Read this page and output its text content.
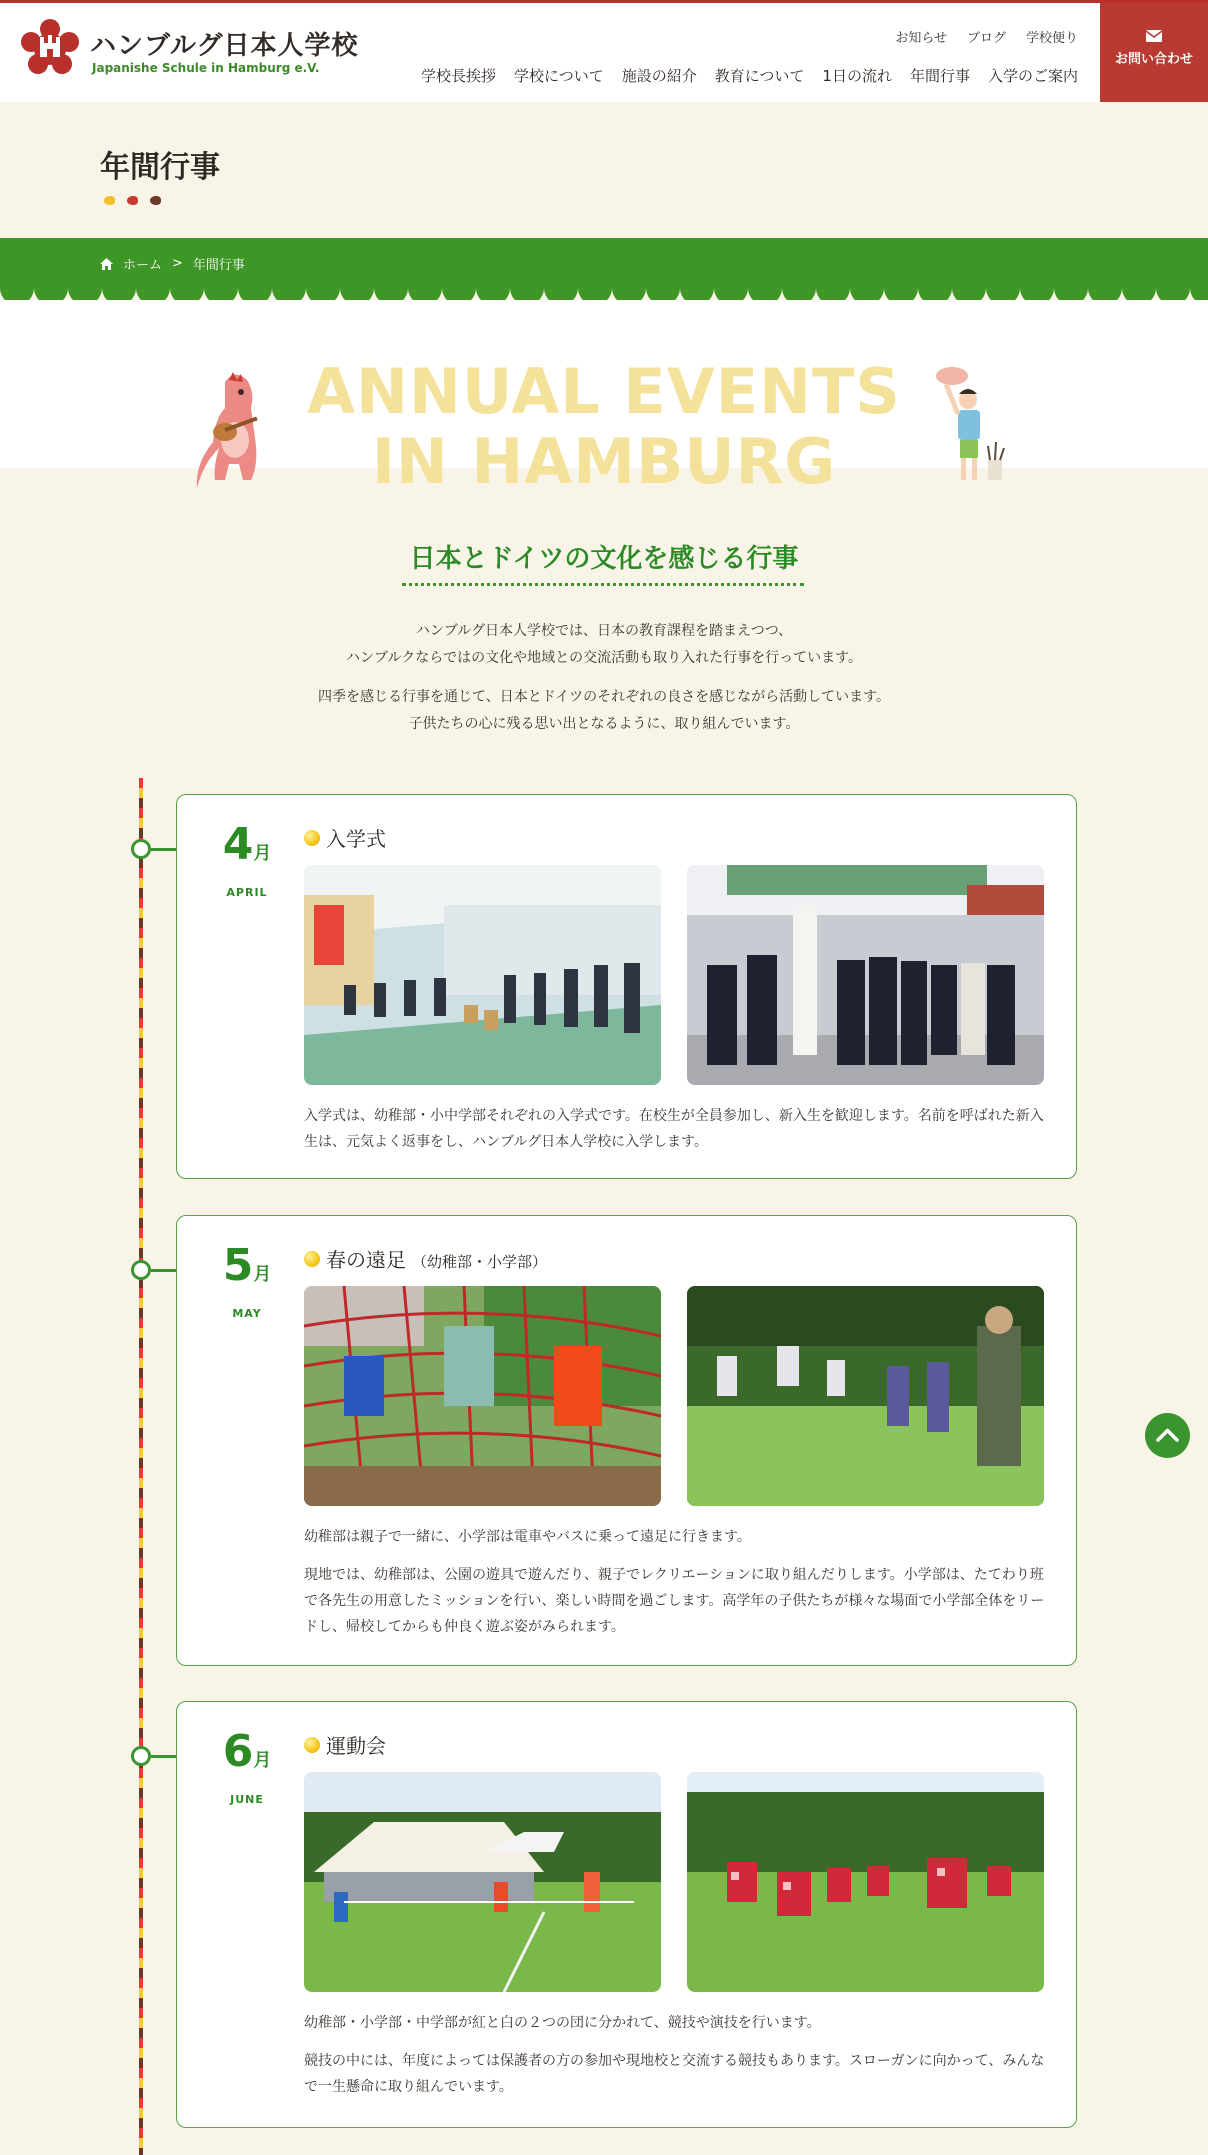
ハンブルグ日本人学校
Japanishe Schule in Hamburg e.V.
お知らせ ブログ 学校便り
学校長挨拶 学校について 施設の紹介 教育について 1日の流れ 年間行事 入学のご案内
お問い合わせ
年間行事
ホーム > 年間行事
ANNUAL EVENTS
IN HAMBURG
日本とドイツの文化を感じる行事

ハンブルグ日本人学校では、日本の教育課程を踏まえつつ、
ハンブルクならではの文化や地域との交流活動も取り入れた行事を行っています。

四季を感じる行事を通じて、日本とドイツのそれぞれの良さを感じながら活動しています。
子供たちの心に残る思い出となるように、取り組んでいます。

4月
APRIL
入学式

入学式は、幼稚部・小中学部それぞれの入学式です。在校生が全員参加し、新入生を歓迎します。名前を呼ばれた新入生は、元気よく返事をし、ハンブルグ日本人学校に入学します。

5月
MAY
春の遠足 （幼稚部・小学部）

幼稚部は親子で一緒に、小学部は電車やバスに乗って遠足に行きます。

現地では、幼稚部は、公園の遊具で遊んだり、親子でレクリエーションに取り組んだりします。小学部は、たてわり班で各先生の用意したミッションを行い、楽しい時間を過ごします。高学年の子供たちが様々な場面で小学部全体をリードし、帰校してからも仲良く遊ぶ姿がみられます。

6月
JUNE
運動会

幼稚部・小学部・中学部が紅と白の２つの団に分かれて、競技や演技を行います。

競技の中には、年度によっては保護者の方の参加や現地校と交流する競技もあります。スローガンに向かって、みんなで一生懸命に取り組んでいます。
